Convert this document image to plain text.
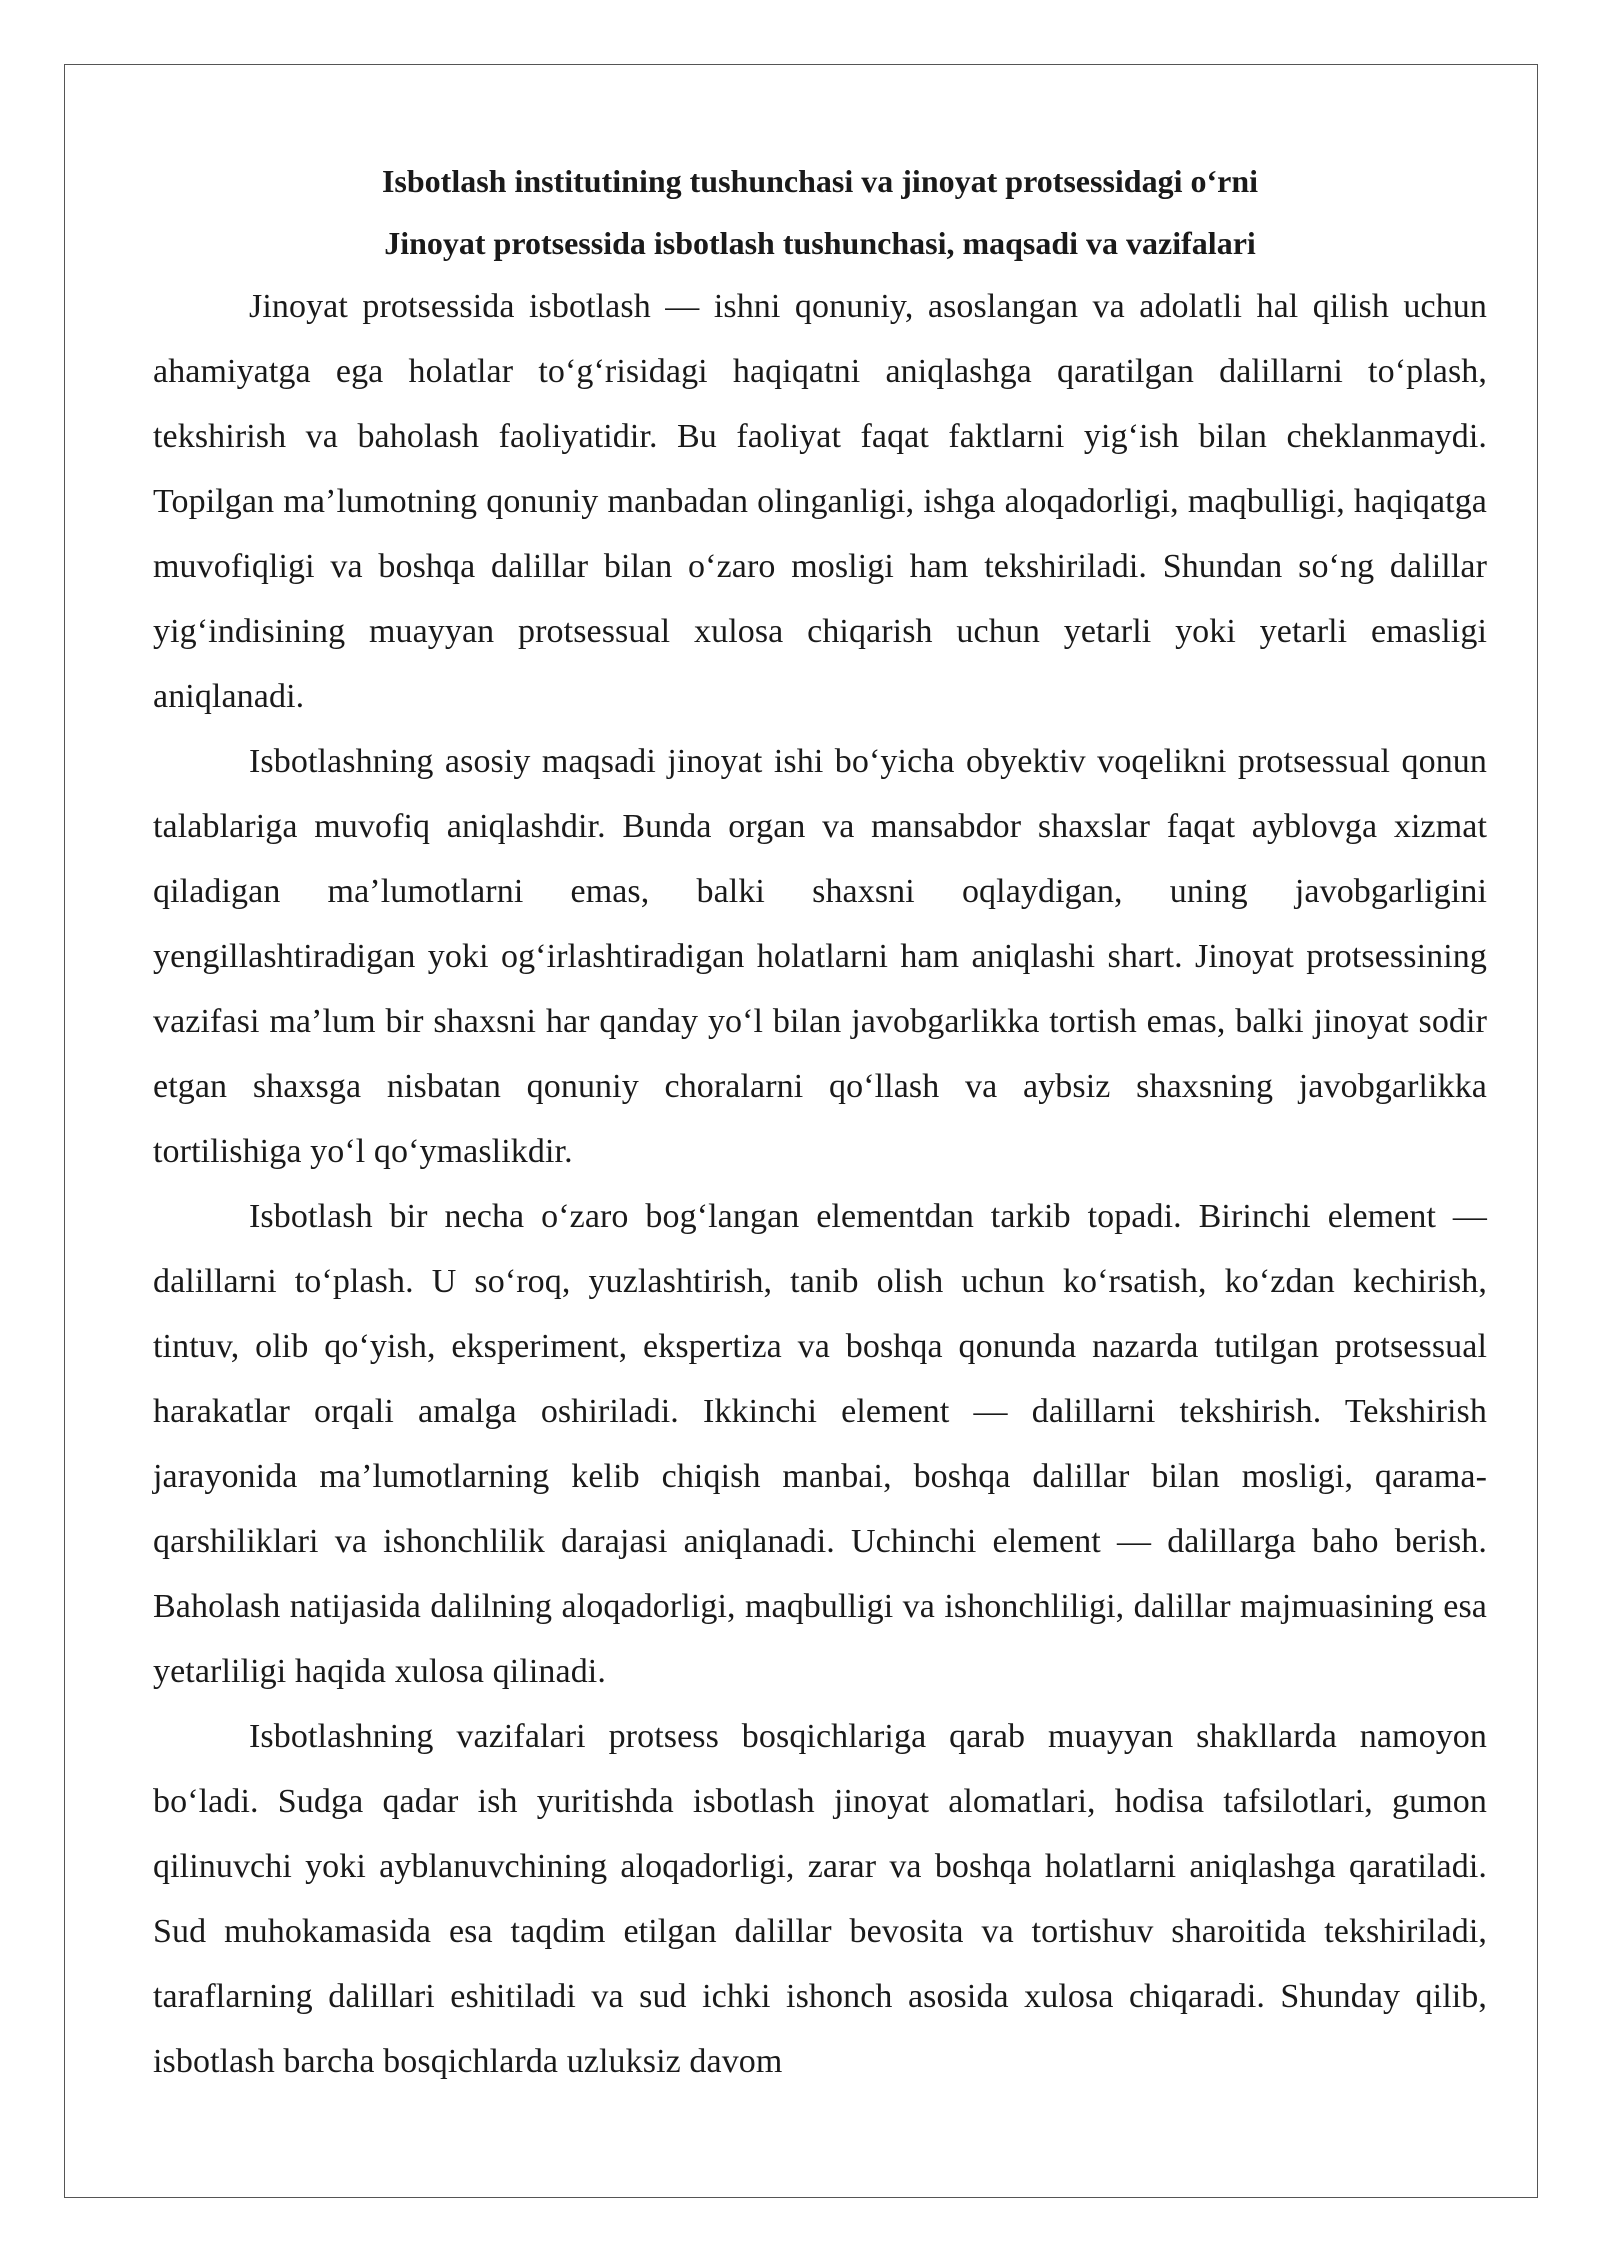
Isbotlash institutining tushunchasi va jinoyat protsessidagi o‘rni

Jinoyat protsessida isbotlash tushunchasi, maqsadi va vazifalari

Jinoyat protsessida isbotlash — ishni qonuniy, asoslangan va adolatli hal qilish uchun ahamiyatga ega holatlar to‘g‘risidagi haqiqatni aniqlashga qaratilgan dalillarni to‘plash, tekshirish va baholash faoliyatidir. Bu faoliyat faqat faktlarni yig‘ish bilan cheklanmaydi. Topilgan ma’lumotning qonuniy manbadan olinganligi, ishga aloqadorligi, maqbulligi, haqiqatga muvofiqligi va boshqa dalillar bilan o‘zaro mosligi ham tekshiriladi. Shundan so‘ng dalillar yig‘indisining muayyan protsessual xulosa chiqarish uchun yetarli yoki yetarli emasligi aniqlanadi.

Isbotlashning asosiy maqsadi jinoyat ishi bo‘yicha obyektiv voqelikni protsessual qonun talablariga muvofiq aniqlashdir. Bunda organ va mansabdor shaxslar faqat ayblovga xizmat qiladigan ma’lumotlarni emas, balki shaxsni oqlaydigan, uning javobgarligini yengillashtiradigan yoki og‘irlashtiradigan holatlarni ham aniqlashi shart. Jinoyat protsessining vazifasi ma’lum bir shaxsni har qanday yo‘l bilan javobgarlikka tortish emas, balki jinoyat sodir etgan shaxsga nisbatan qonuniy choralarni qo‘llash va aybsiz shaxsning javobgarlikka tortilishiga yo‘l qo‘ymaslikdir.

Isbotlash bir necha o‘zaro bog‘langan elementdan tarkib topadi. Birinchi element — dalillarni to‘plash. U so‘roq, yuzlashtirish, tanib olish uchun ko‘rsatish, ko‘zdan kechirish, tintuv, olib qo‘yish, eksperiment, ekspertiza va boshqa qonunda nazarda tutilgan protsessual harakatlar orqali amalga oshiriladi. Ikkinchi element — dalillarni tekshirish. Tekshirish jarayonida ma’lumotlarning kelib chiqish manbai, boshqa dalillar bilan mosligi, qarama-qarshiliklari va ishonchlilik darajasi aniqlanadi. Uchinchi element — dalillarga baho berish. Baholash natijasida dalilning aloqadorligi, maqbulligi va ishonchliligi, dalillar majmuasining esa yetarliligi haqida xulosa qilinadi.

Isbotlashning vazifalari protsess bosqichlariga qarab muayyan shakllarda namoyon bo‘ladi. Sudga qadar ish yuritishda isbotlash jinoyat alomatlari, hodisa tafsilotlari, gumon qilinuvchi yoki ayblanuvchining aloqadorligi, zarar va boshqa holatlarni aniqlashga qaratiladi. Sud muhokamasida esa taqdim etilgan dalillar bevosita va tortishuv sharoitida tekshiriladi, taraflarning dalillari eshitiladi va sud ichki ishonch asosida xulosa chiqaradi. Shunday qilib, isbotlash barcha bosqichlarda uzluksiz davom
